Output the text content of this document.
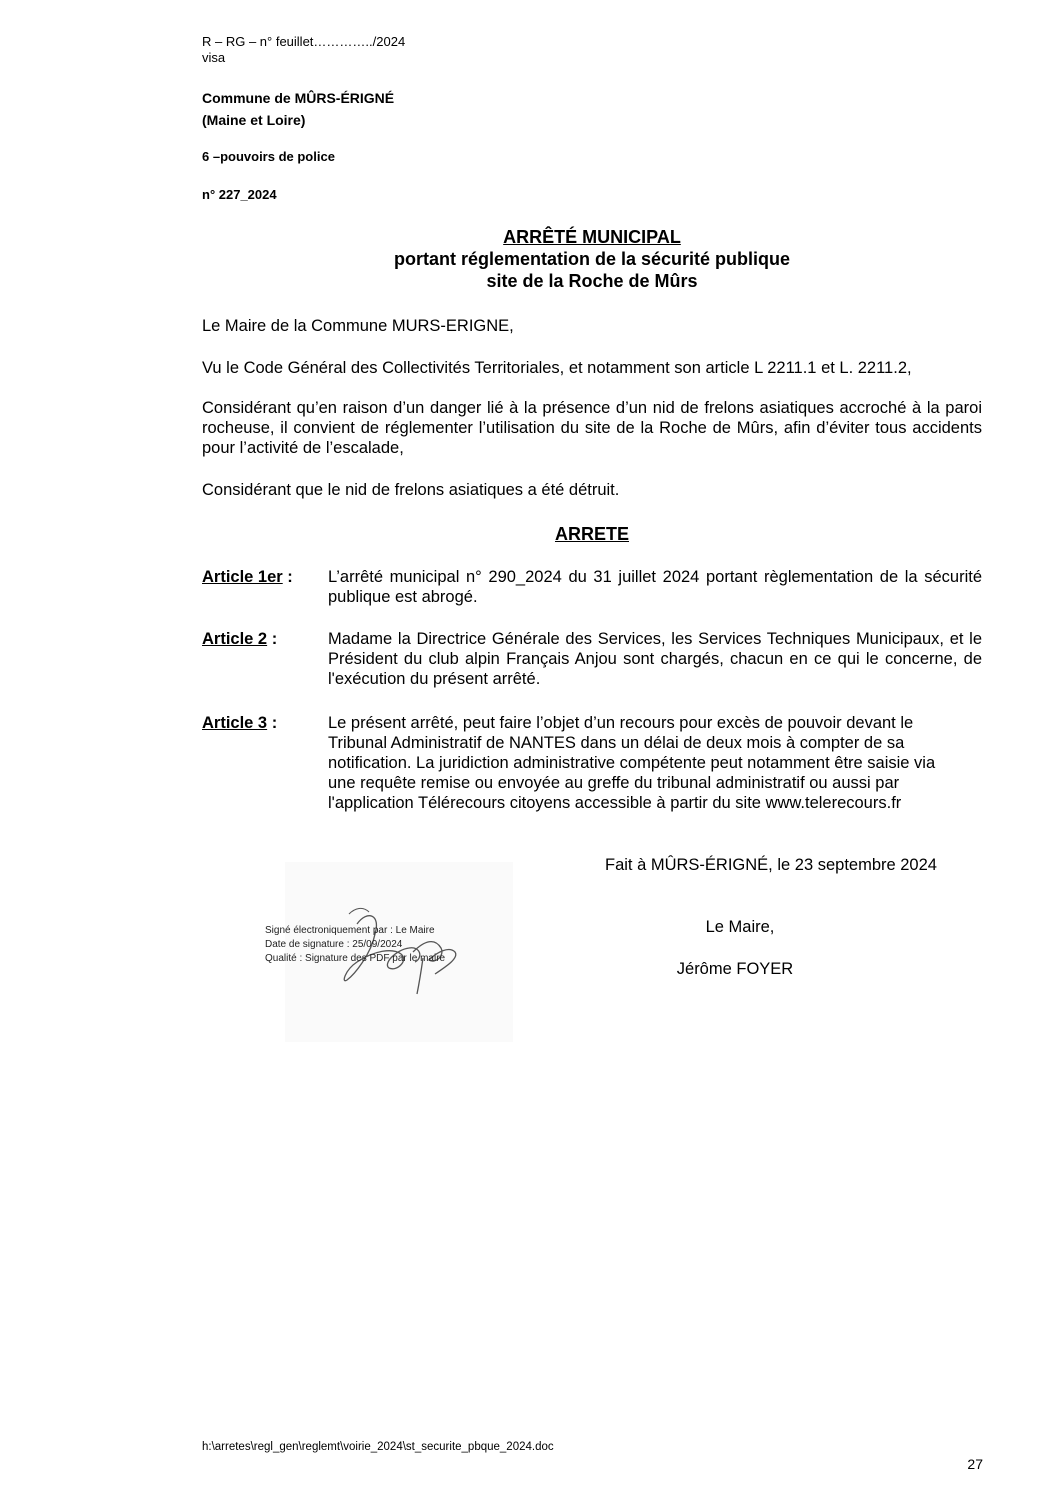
R – RG – n° feuillet…………../2024
visa
Commune de MÛRS-ÉRIGNÉ
(Maine et Loire)
6 –pouvoirs de police
n° 227_2024
ARRÊTÉ MUNICIPAL
portant réglementation de la sécurité publique
site de la Roche de Mûrs
Le Maire de la Commune MURS-ERIGNE,
Vu le Code Général des Collectivités Territoriales, et notamment son article L 2211.1 et L. 2211.2,
Considérant qu’en raison d’un danger lié à la présence d’un nid de frelons asiatiques accroché à la paroi rocheuse, il convient de réglementer l’utilisation du site de la Roche de Mûrs, afin d’éviter tous accidents pour l’activité de l’escalade,
Considérant que le nid de frelons asiatiques a été détruit.
ARRETE
Article 1er : L’arrêté municipal n° 290_2024 du 31 juillet 2024 portant règlementation de la sécurité publique est abrogé.
Article 2 :	Madame la Directrice Générale des Services, les Services Techniques Municipaux, et le Président du club alpin Français Anjou sont chargés, chacun en ce qui le concerne, de l'exécution du présent arrêté.
Article 3 :	Le présent arrêté, peut faire l’objet d’un recours pour excès de pouvoir devant le
Tribunal Administratif de NANTES dans un délai de deux mois à compter de sa
notification. La juridiction administrative compétente peut notamment être saisie via
une requête remise ou envoyée au greffe du tribunal administratif ou aussi par
l'application Télérecours citoyens accessible à partir du site www.telerecours.fr
Fait à MÛRS-ÉRIGNÉ, le 23 septembre 2024
Le Maire,
Jérôme FOYER
Signé électroniquement par : Le Maire
Date de signature : 25/09/2024
Qualité : Signature des PDF par le maire
h:\arretes\regl_gen\reglemt\voirie_2024\st_securite_pbque_2024.doc
27
